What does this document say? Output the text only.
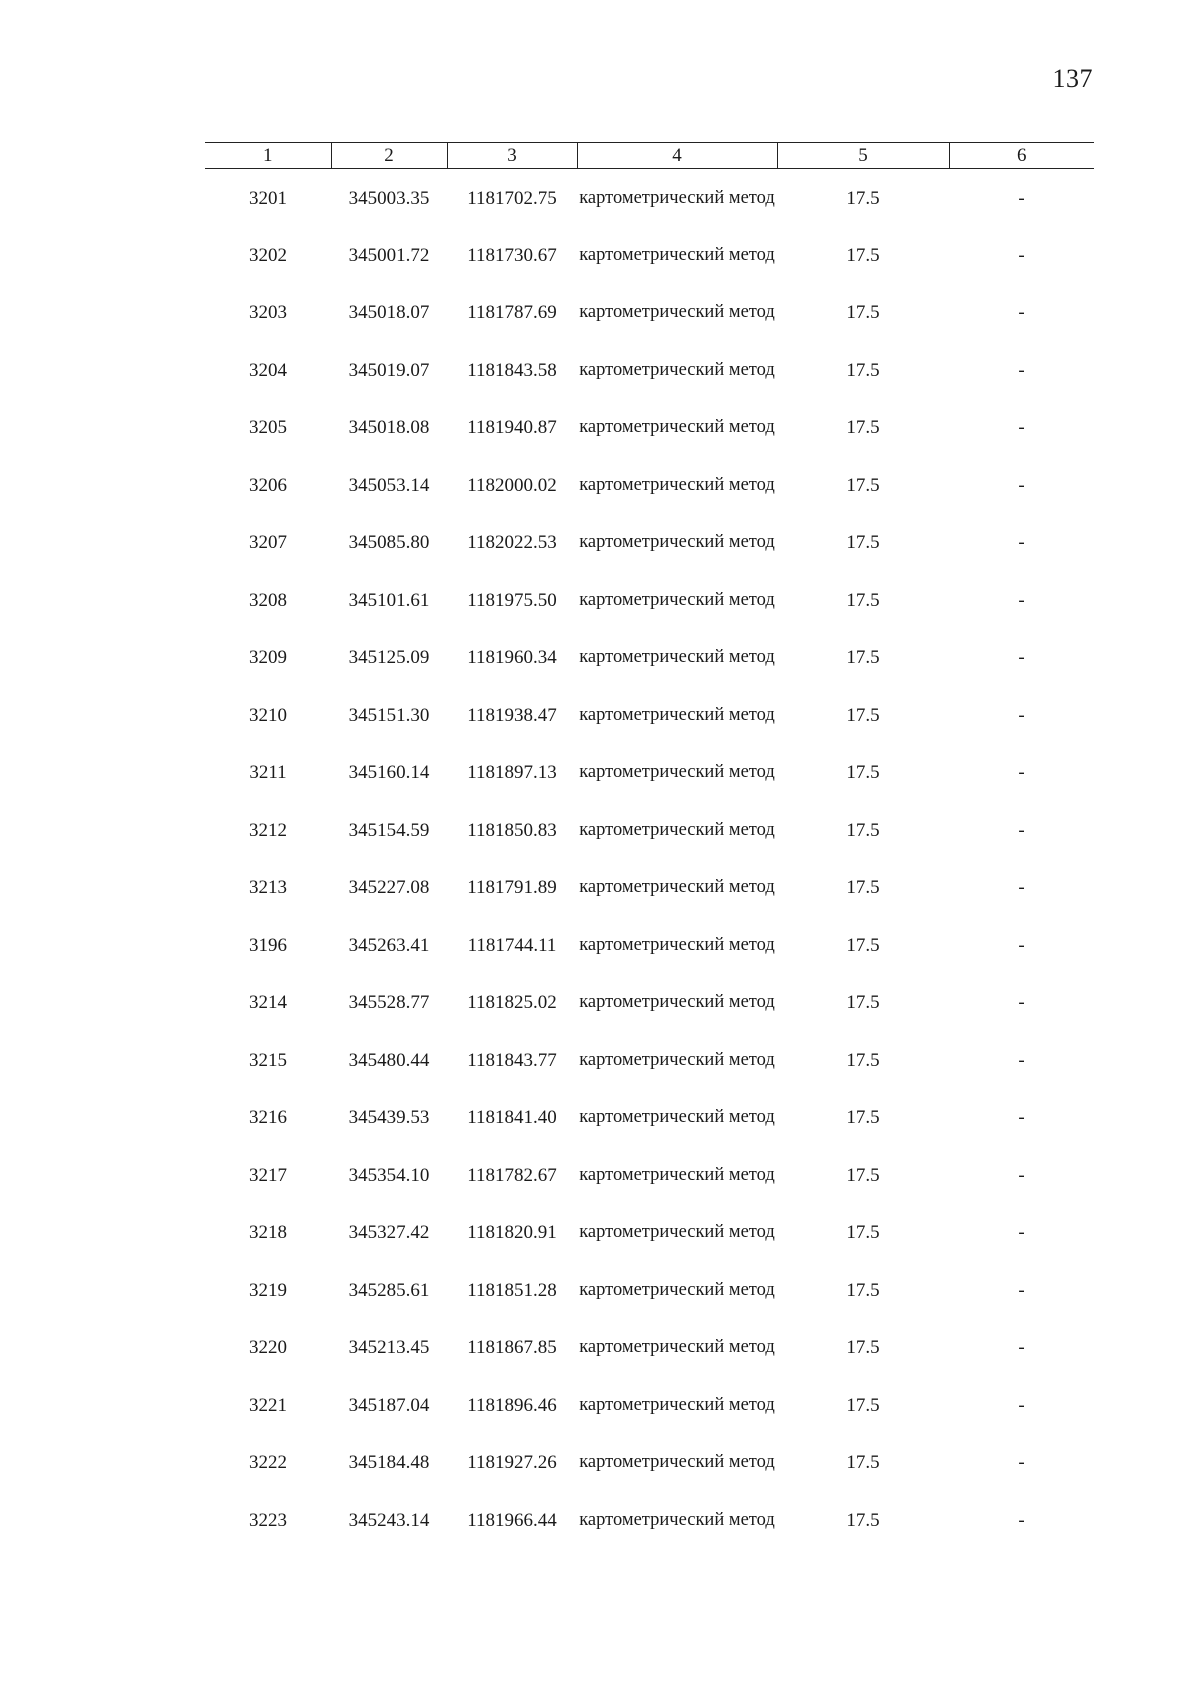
137
1	2	3	4	5	6
3201	345003.35	1181702.75	картометрический метод	17.5	-
3202	345001.72	1181730.67	картометрический метод	17.5	-
3203	345018.07	1181787.69	картометрический метод	17.5	-
3204	345019.07	1181843.58	картометрический метод	17.5	-
3205	345018.08	1181940.87	картометрический метод	17.5	-
3206	345053.14	1182000.02	картометрический метод	17.5	-
3207	345085.80	1182022.53	картометрический метод	17.5	-
3208	345101.61	1181975.50	картометрический метод	17.5	-
3209	345125.09	1181960.34	картометрический метод	17.5	-
3210	345151.30	1181938.47	картометрический метод	17.5	-
3211	345160.14	1181897.13	картометрический метод	17.5	-
3212	345154.59	1181850.83	картометрический метод	17.5	-
3213	345227.08	1181791.89	картометрический метод	17.5	-
3196	345263.41	1181744.11	картометрический метод	17.5	-
3214	345528.77	1181825.02	картометрический метод	17.5	-
3215	345480.44	1181843.77	картометрический метод	17.5	-
3216	345439.53	1181841.40	картометрический метод	17.5	-
3217	345354.10	1181782.67	картометрический метод	17.5	-
3218	345327.42	1181820.91	картометрический метод	17.5	-
3219	345285.61	1181851.28	картометрический метод	17.5	-
3220	345213.45	1181867.85	картометрический метод	17.5	-
3221	345187.04	1181896.46	картометрический метод	17.5	-
3222	345184.48	1181927.26	картометрический метод	17.5	-
3223	345243.14	1181966.44	картометрический метод	17.5	-
